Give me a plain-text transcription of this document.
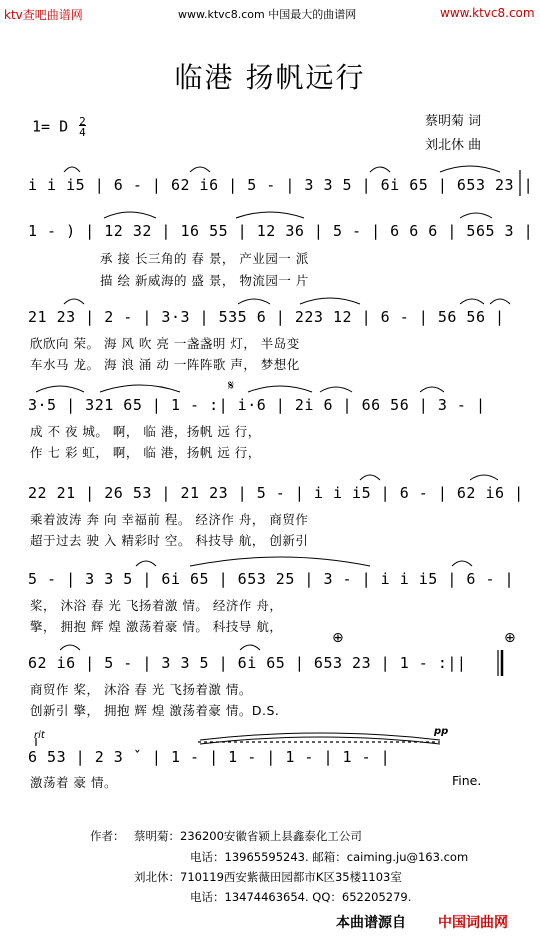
ktv查吧曲谱网	www.ktvc8.com 中国最大的曲谱网	www.ktvc8.com
临港 扬帆远行
1= D $\frac{2}{4}$	蔡明菊 词
刘北休 曲
i i i5 | 6 - | 62 i6 | 5 - | 3 3 5 | 6i 65 | 653 23 |
1 - ) | 12 32 | 16 55 | 12 36 | 5 - | 6 6 6 | 565 3 |
承 接 长三角的 春 景， 产业园一 派
描 绘 新威海的 盛 景， 物流园一 片
21 23 | 2 - | 3·3 | 535 6 | 223 12 | 6 - | 56 56 |
欣欣向 荣。 海 风 吹 亮 一盏盏明 灯， 半岛变
车水马 龙。 海 浪 涌 动 一阵阵歌 声， 梦想化
𝄋
3·5 | 321 65 | 1 - :| i·6 | 2i 6 | 66 56 | 3 - |
成 不 夜 城。 啊， 临 港，扬帆 远 行，
作 七 彩 虹， 啊， 临 港，扬帆 远 行，
22 21 | 26 53 | 21 23 | 5 - | i i i5 | 6 - | 62 i6 |
乘着波涛 奔 向 幸福前 程。 经济作 舟， 商贸作
超于过去 驶 入 精彩时 空。 科技导 航， 创新引
5 - | 3 3 5 | 6i 65 | 653 25 | 3 - | i i i5 | 6 - |
桨， 沐浴 春 光 飞扬着激 情。 经济作 舟，
擎， 拥抱 辉 煌 激荡着豪 情。 科技导 航，
⊕	⊕
62 i6 | 5 - | 3 3 5 | 6i 65 | 653 23 | 1 - :||
商贸作 桨， 沐浴 春 光 飞扬着激 情。
创新引 擎， 拥抱 辉 煌 激荡着豪 情。D.S.
rit	pp
6 53 | 2 3 ˇ | 1 - | 1 - | 1 - | 1 - |
激荡着 豪 情。	Fine.
作者： 蔡明菊：236200安徽省颍上县鑫泰化工公司
电话：13965595243. 邮箱：caiming.ju@163.com
刘北休：710119西安紫薇田园都市K区35楼1103室
电话：13474463654. QQ：652205279.
本曲谱源自 中国词曲网
